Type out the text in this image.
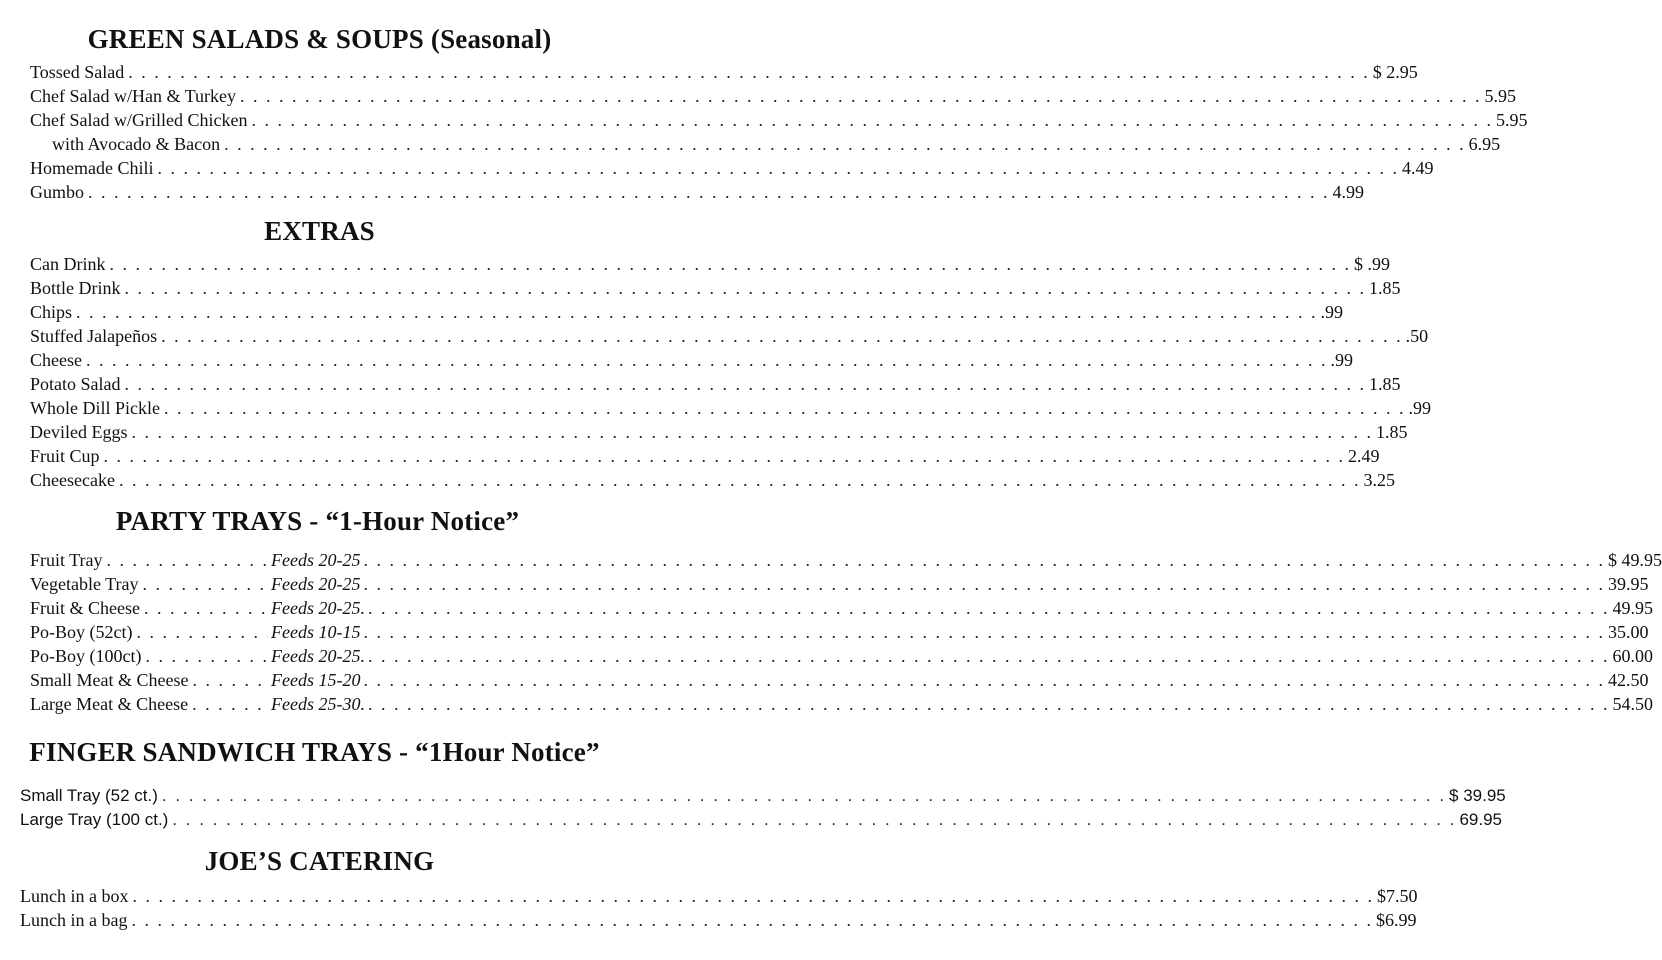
GREEN SALADS & SOUPS (Seasonal)
Tossed Salad . . .	$ 2.95
Chef Salad w/Han & Turkey . . .	5.95
Chef Salad w/Grilled Chicken . . .	5.95
with Avocado & Bacon . . .	6.95
Homemade Chili . . .	4.49
Gumbo . . .	4.99
EXTRAS
Can Drink . . .	$ .99
Bottle Drink . . .	1.85
Chips . . .	.99
Stuffed Jalapeños . . .	.50
Cheese . . .	.99
Potato Salad . . .	1.85
Whole Dill Pickle . . .	.99
Deviled Eggs . . .	1.85
Fruit Cup . . .	2.49
Cheesecake . . .	3.25
PARTY TRAYS - “1-Hour Notice”
Fruit Tray . . .	Feeds 20-25 . . .	$ 49.95
Vegetable Tray . . .	Feeds 20-25 . . .	39.95
Fruit & Cheese . . .	Feeds 20-25. . . .	49.95
Po-Boy (52ct) . . .	Feeds 10-15 . . .	35.00
Po-Boy (100ct) . . .	Feeds 20-25. . . .	60.00
Small Meat & Cheese . . .	Feeds 15-20 . . .	42.50
Large Meat & Cheese . . .	Feeds 25-30. . . .	54.50
FINGER SANDWICH TRAYS - “1Hour Notice”
Small Tray (52 ct.) . . .	$ 39.95
Large Tray (100 ct.) . . .	69.95
JOE’S CATERING
Lunch in a box . . .	$7.50
Lunch in a bag . . .	$6.99
